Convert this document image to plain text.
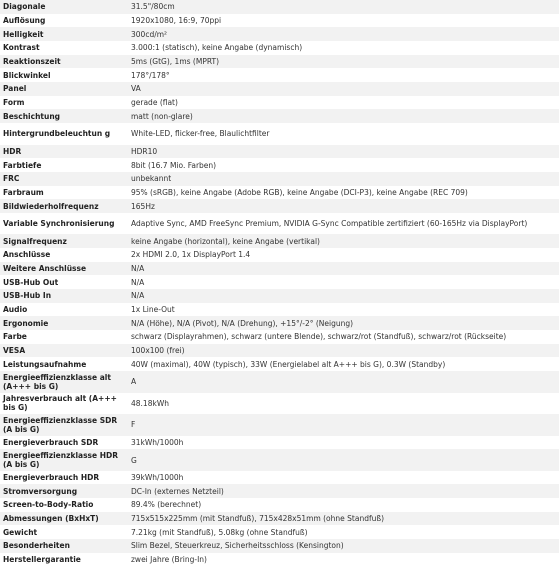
Diagonale	31.5"/80cm
Auflösung	1920x1080, 16:9, 70ppi
Helligkeit	300cd/m²
Kontrast	3.000:1 (statisch), keine Angabe (dynamisch)
Reaktionszeit	5ms (GtG), 1ms (MPRT)
Blickwinkel	178°/178°
Panel	VA
Form	gerade (flat)
Beschichtung	matt (non-glare)
Hintergrundbeleuchtun g	White-LED, flicker-free, Blaulichtfilter
HDR	HDR10
Farbtiefe	8bit (16.7 Mio. Farben)
FRC	unbekannt
Farbraum	95% (sRGB), keine Angabe (Adobe RGB), keine Angabe (DCI-P3), keine Angabe (REC 709)
Bildwiederholfrequenz	165Hz
Variable Synchronisierung	Adaptive Sync, AMD FreeSync Premium, NVIDIA G-Sync Compatible zertifiziert (60-165Hz via DisplayPort)
Signalfrequenz	keine Angabe (horizontal), keine Angabe (vertikal)
Anschlüsse	2x HDMI 2.0, 1x DisplayPort 1.4
Weitere Anschlüsse	N/A
USB-Hub Out	N/A
USB-Hub In	N/A
Audio	1x Line-Out
Ergonomie	N/A (Höhe), N/A (Pivot), N/A (Drehung), +15°/-2° (Neigung)
Farbe	schwarz (Displayrahmen), schwarz (untere Blende), schwarz/rot (Standfuß), schwarz/rot (Rückseite)
VESA	100x100 (frei)
Leistungsaufnahme	40W (maximal), 40W (typisch), 33W (Energielabel alt A+++ bis G), 0.3W (Standby)
Energieeffizienzklasse alt (A+++ bis G)	A
Jahresverbrauch alt (A+++ bis G)	48.18kWh
Energieeffizienzklasse SDR (A bis G)	F
Energieverbrauch SDR	31kWh/1000h
Energieeffizienzklasse HDR (A bis G)	G
Energieverbrauch HDR	39kWh/1000h
Stromversorgung	DC-In (externes Netzteil)
Screen-to-Body-Ratio	89.4% (berechnet)
Abmessungen (BxHxT)	715x515x225mm (mit Standfuß), 715x428x51mm (ohne Standfuß)
Gewicht	7.21kg (mit Standfuß), 5.08kg (ohne Standfuß)
Besonderheiten	Slim Bezel, Steuerkreuz, Sicherheitsschloss (Kensington)
Herstellergarantie	zwei Jahre (Bring-In)
